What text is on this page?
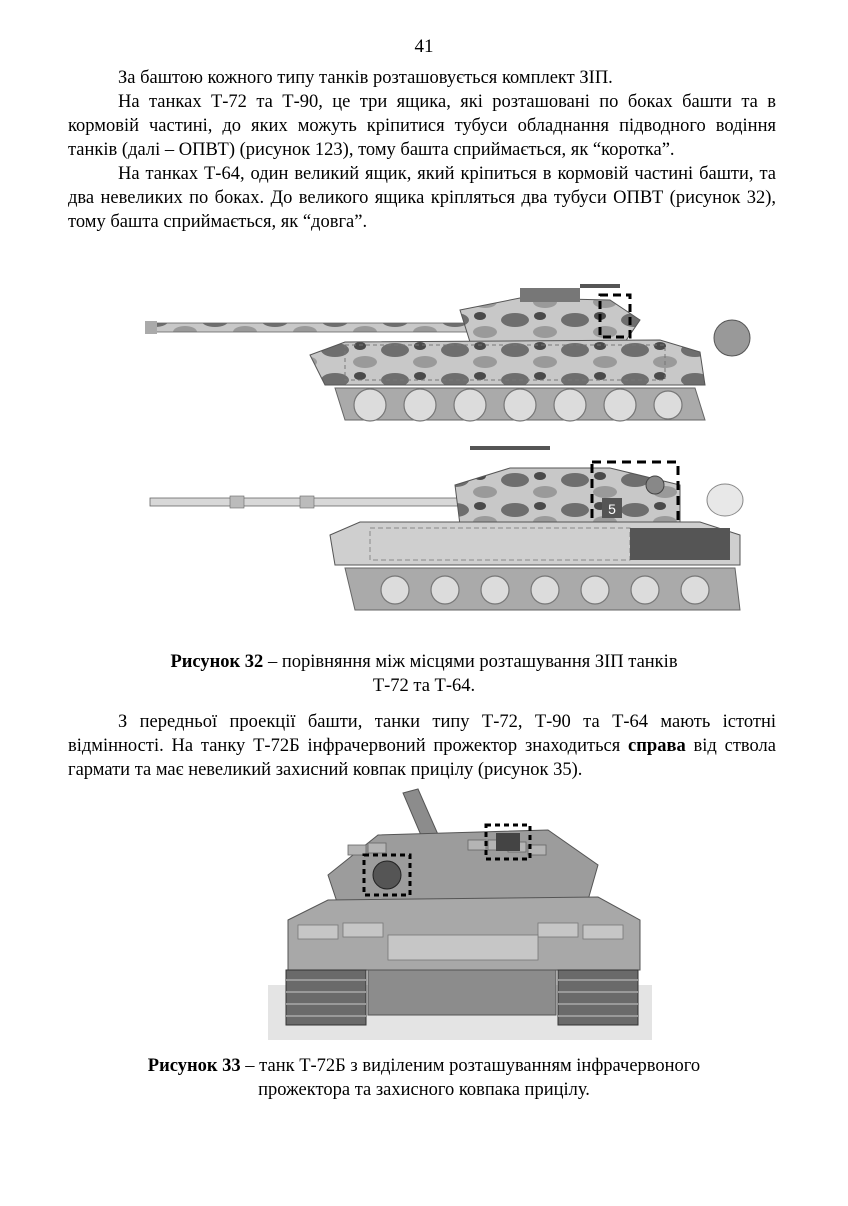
41

За баштою кожного типу танків розташовується комплект ЗІП.

На танках Т-72 та Т-90, це три ящика, які розташовані по боках башти та в кормовій частині, до яких можуть кріпитися тубуси обладнання підводного водіння танків (далі – ОПВТ) (рисунок 123), тому башта сприймається, як “коротка”.

На танках Т-64, один великий ящик, який кріпиться в кормовій частині башти, та два невеликих по боках. До великого ящика кріпляться два тубуси ОПВТ (рисунок 32), тому башта сприймається, як “довга”.

5

Рисунок 32 – порівняння між місцями розташування ЗІП танків

Т-72 та Т-64.

З передньої проекції башти, танки типу Т-72, Т-90 та Т-64 мають істотні відмінності. На танку Т-72Б інфрачервоний прожектор знаходиться справа від ствола гармати та має невеликий захисний ковпак прицілу (рисунок 35).

Рисунок 33 – танк Т-72Б з виділеним розташуванням інфрачервоного

прожектора та захисного ковпака прицілу.
